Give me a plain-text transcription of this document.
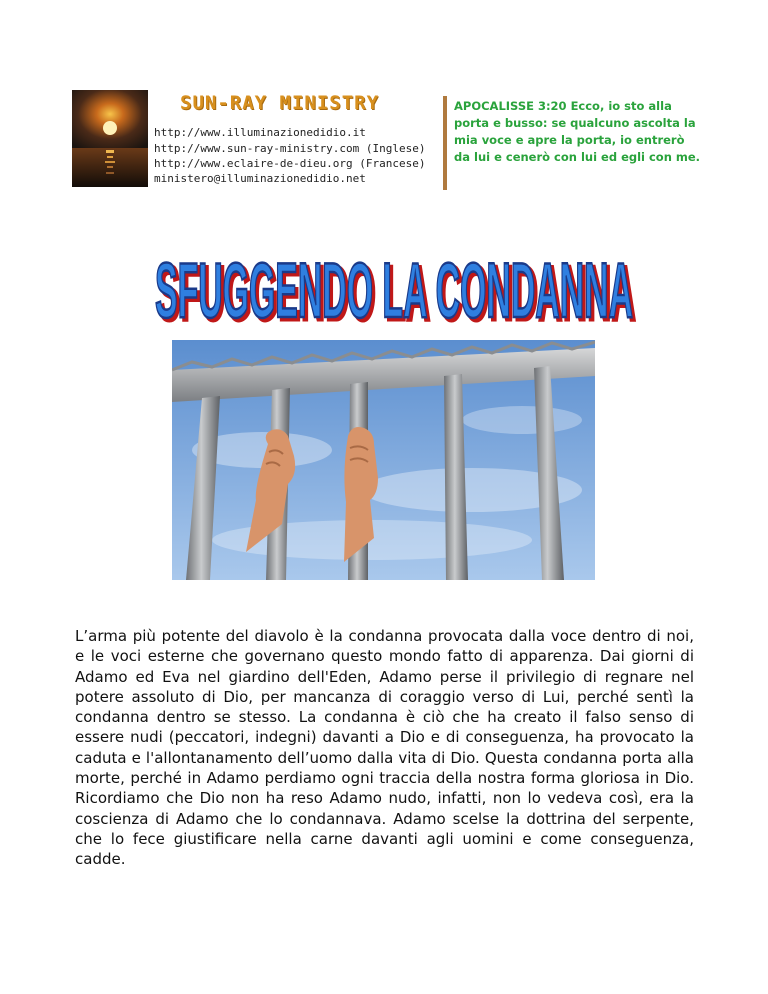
SUN-RAY MINISTRY
http://www.illuminazionedidio.it
http://www.sun-ray-ministry.com (Inglese)
http://www.eclaire-de-dieu.org (Francese)
ministero@illuminazionedidio.net
APOCALISSE 3:20 Ecco, io sto alla
porta e busso: se qualcuno ascolta la
mia voce e apre la porta, io entrerò
da lui e cenerò con lui ed egli con me.
SFUGGENDO LA CONDANNA
SFUGGENDO LA CONDANNA

L’arma più potente del diavolo è la condanna provocata dalla voce dentro di noi, e le voci esterne che governano questo mondo fatto di apparenza. Dai giorni di Adamo ed Eva nel giardino dell'Eden, Adamo perse il privilegio di regnare nel potere assoluto di Dio, per mancanza di coraggio verso di Lui, perché sentì la condanna dentro se stesso. La condanna è ciò che ha creato il falso senso di essere nudi (peccatori, indegni) davanti a Dio e di conseguenza, ha provocato la caduta e l'allontanamento dell’uomo dalla vita di Dio. Questa condanna porta alla morte, perché in Adamo perdiamo ogni traccia della nostra forma gloriosa in Dio. Ricordiamo che Dio non ha reso Adamo nudo, infatti, non lo vedeva così, era la coscienza di Adamo che lo condannava. Adamo scelse la dottrina del serpente, che lo fece giustificare nella carne davanti agli uomini e come conseguenza, cadde.
